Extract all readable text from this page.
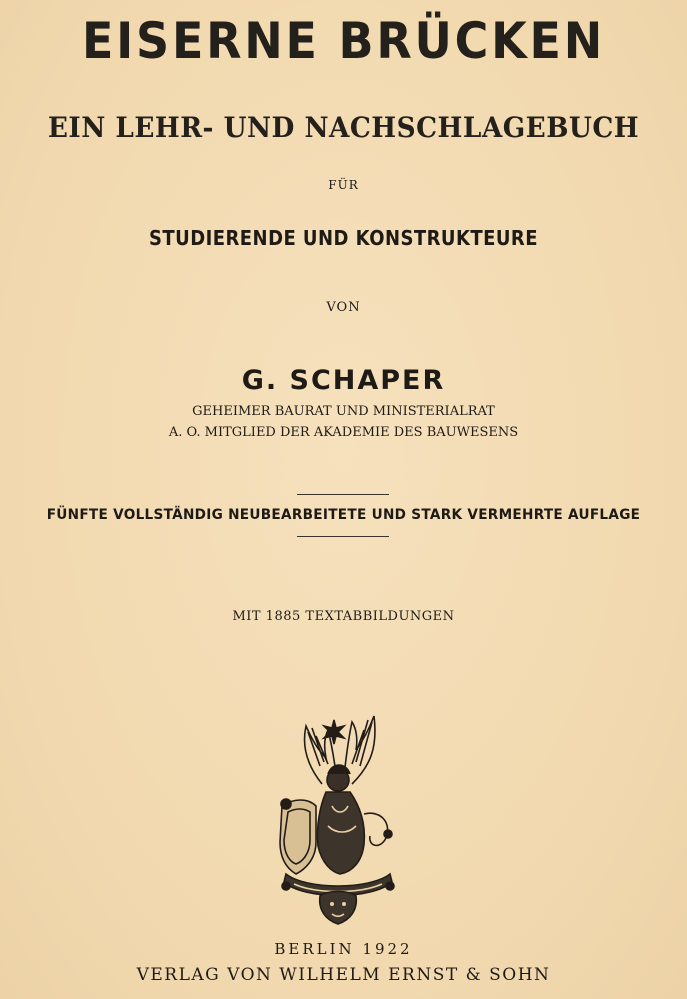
EISERNE BRÜCKEN
EIN LEHR- UND NACHSCHLAGEBUCH
FÜR
STUDIERENDE UND KONSTRUKTEURE
VON
G. SCHAPER
GEHEIMER BAURAT UND MINISTERIALRAT
A. O. MITGLIED DER AKADEMIE DES BAUWESENS
FÜNFTE VOLLSTÄNDIG NEUBEARBEITETE UND STARK VERMEHRTE AUFLAGE
MIT 1885 TEXTABBILDUNGEN
BERLIN 1922
VERLAG VON WILHELM ERNST & SOHN
